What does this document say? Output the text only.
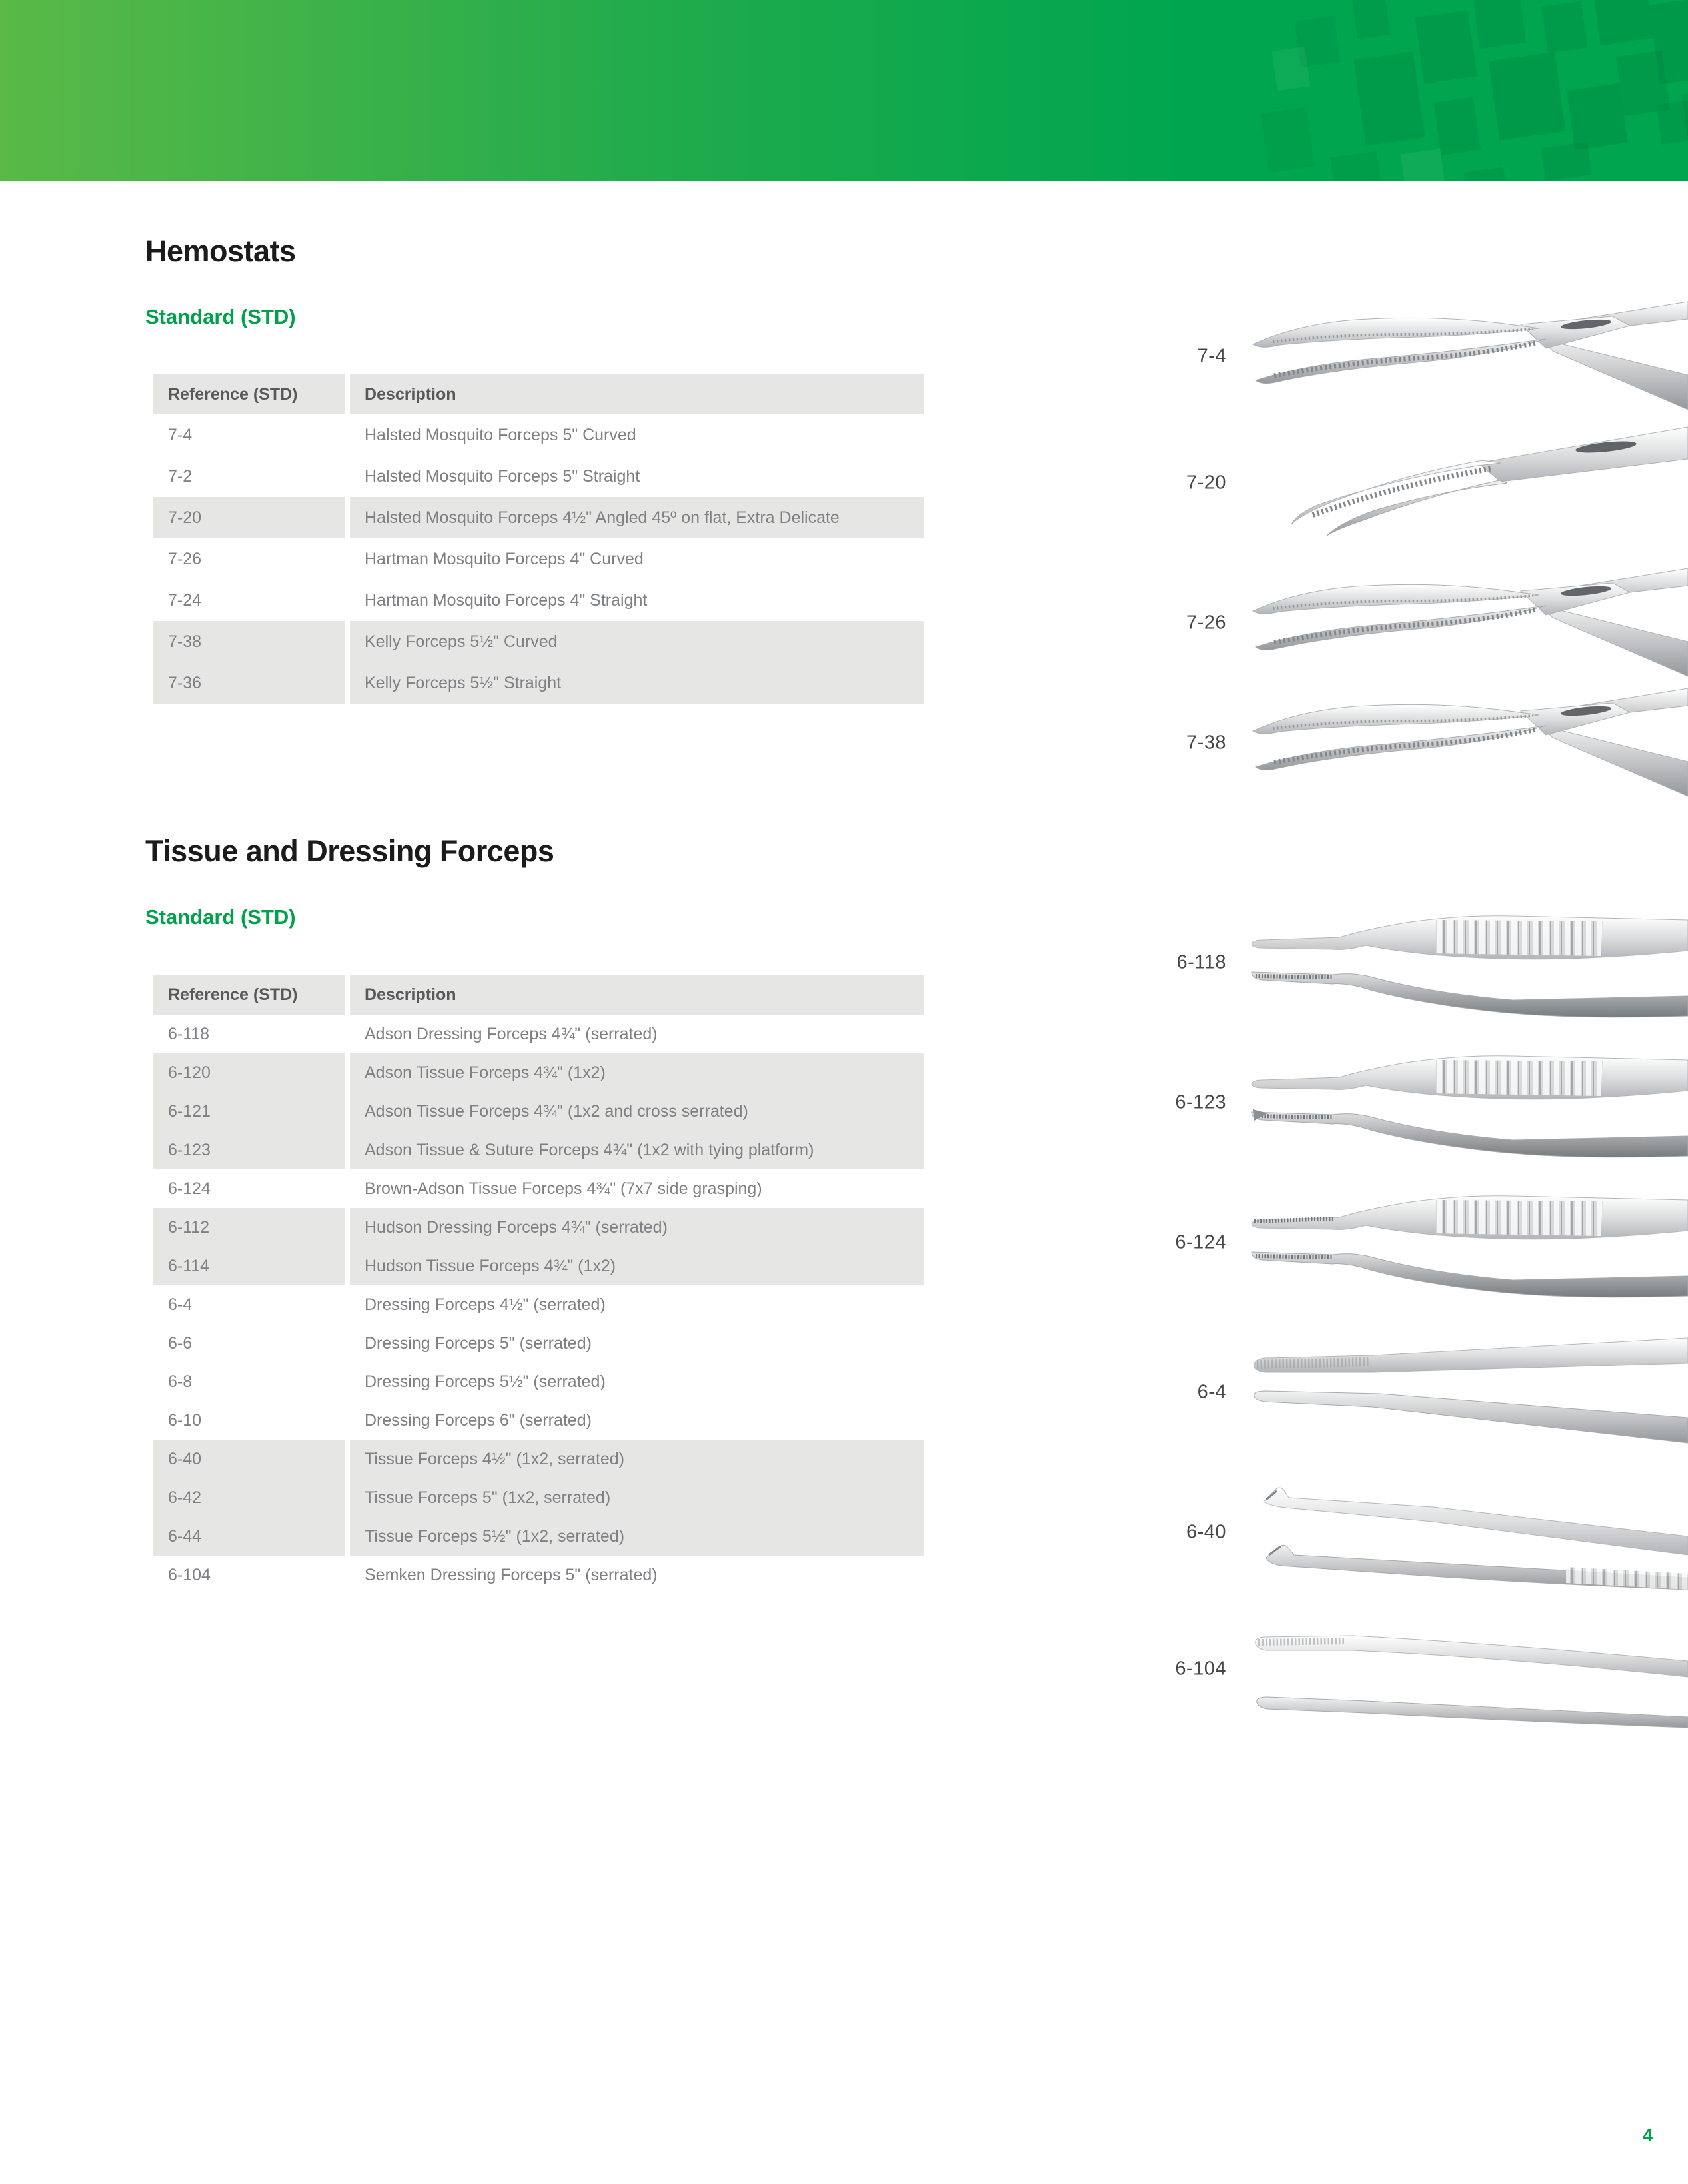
Hemostats
Standard (STD)
Reference (STD)	Description
7-4	Halsted Mosquito Forceps 5" Curved
7-2	Halsted Mosquito Forceps 5" Straight
7-20	Halsted Mosquito Forceps 4½" Angled 45º on flat, Extra Delicate
7-26	Hartman Mosquito Forceps 4" Curved
7-24	Hartman Mosquito Forceps 4" Straight
7-38	Kelly Forceps 5½" Curved
7-36	Kelly Forceps 5½" Straight
Tissue and Dressing Forceps
Standard (STD)
Reference (STD)	Description
6-118	Adson Dressing Forceps 4¾" (serrated)
6-120	Adson Tissue Forceps 4¾" (1x2)
6-121	Adson Tissue Forceps 4¾" (1x2 and cross serrated)
6-123	Adson Tissue & Suture Forceps 4¾" (1x2 with tying platform)
6-124	Brown-Adson Tissue Forceps 4¾" (7x7 side grasping)
6-112	Hudson Dressing Forceps 4¾" (serrated)
6-114	Hudson Tissue Forceps 4¾" (1x2)
6-4	Dressing Forceps 4½" (serrated)
6-6	Dressing Forceps 5" (serrated)
6-8	Dressing Forceps 5½" (serrated)
6-10	Dressing Forceps 6" (serrated)
6-40	Tissue Forceps 4½" (1x2, serrated)
6-42	Tissue Forceps 5" (1x2, serrated)
6-44	Tissue Forceps 5½" (1x2, serrated)
6-104	Semken Dressing Forceps 5" (serrated)
7-4
7-20
7-26
7-38
6-118
6-123
6-124
6-4
6-40
6-104
4
